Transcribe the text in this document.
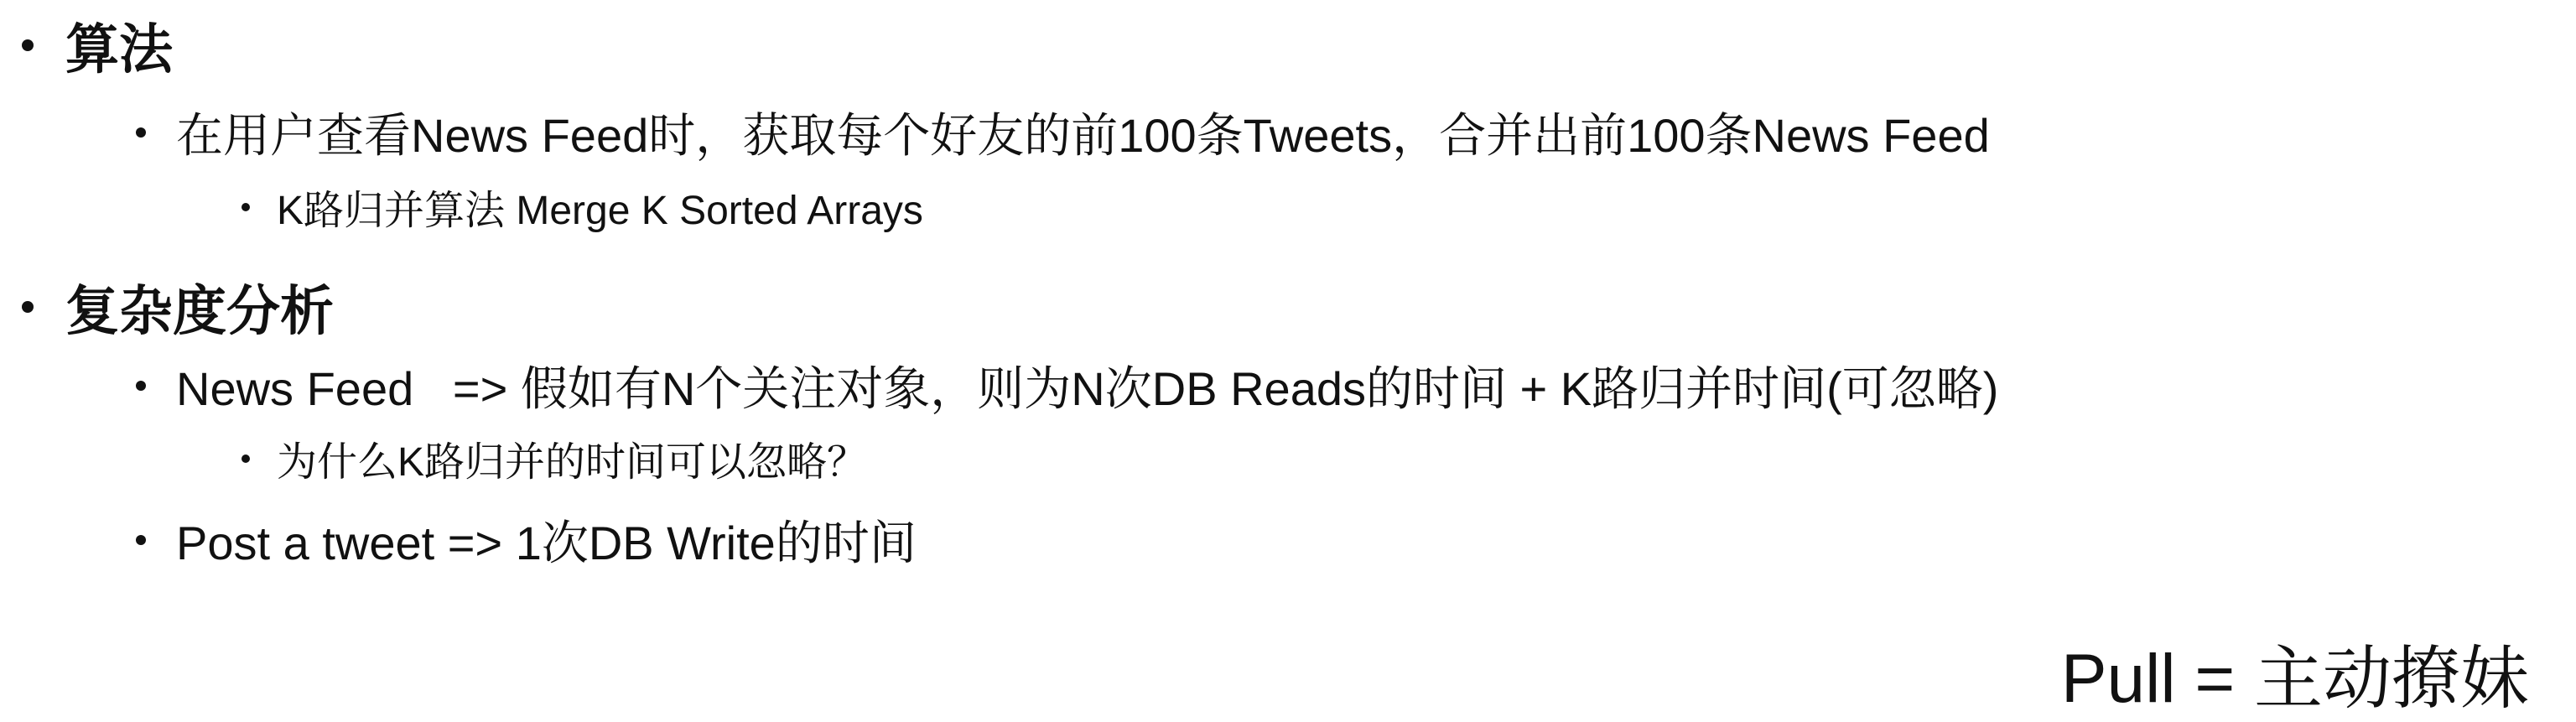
算法
在用户查看News Feed时，获取每个好友的前100条Tweets，合并出前100条News Feed
K路归并算法 Merge K Sorted Arrays
复杂度分析
News Feed   => 假如有N个关注对象，则为N次DB Reads的时间 + K路归并时间(可忽略)
为什么K路归并的时间可以忽略？
Post a tweet => 1次DB Write的时间
Pull = 主动撩妹
